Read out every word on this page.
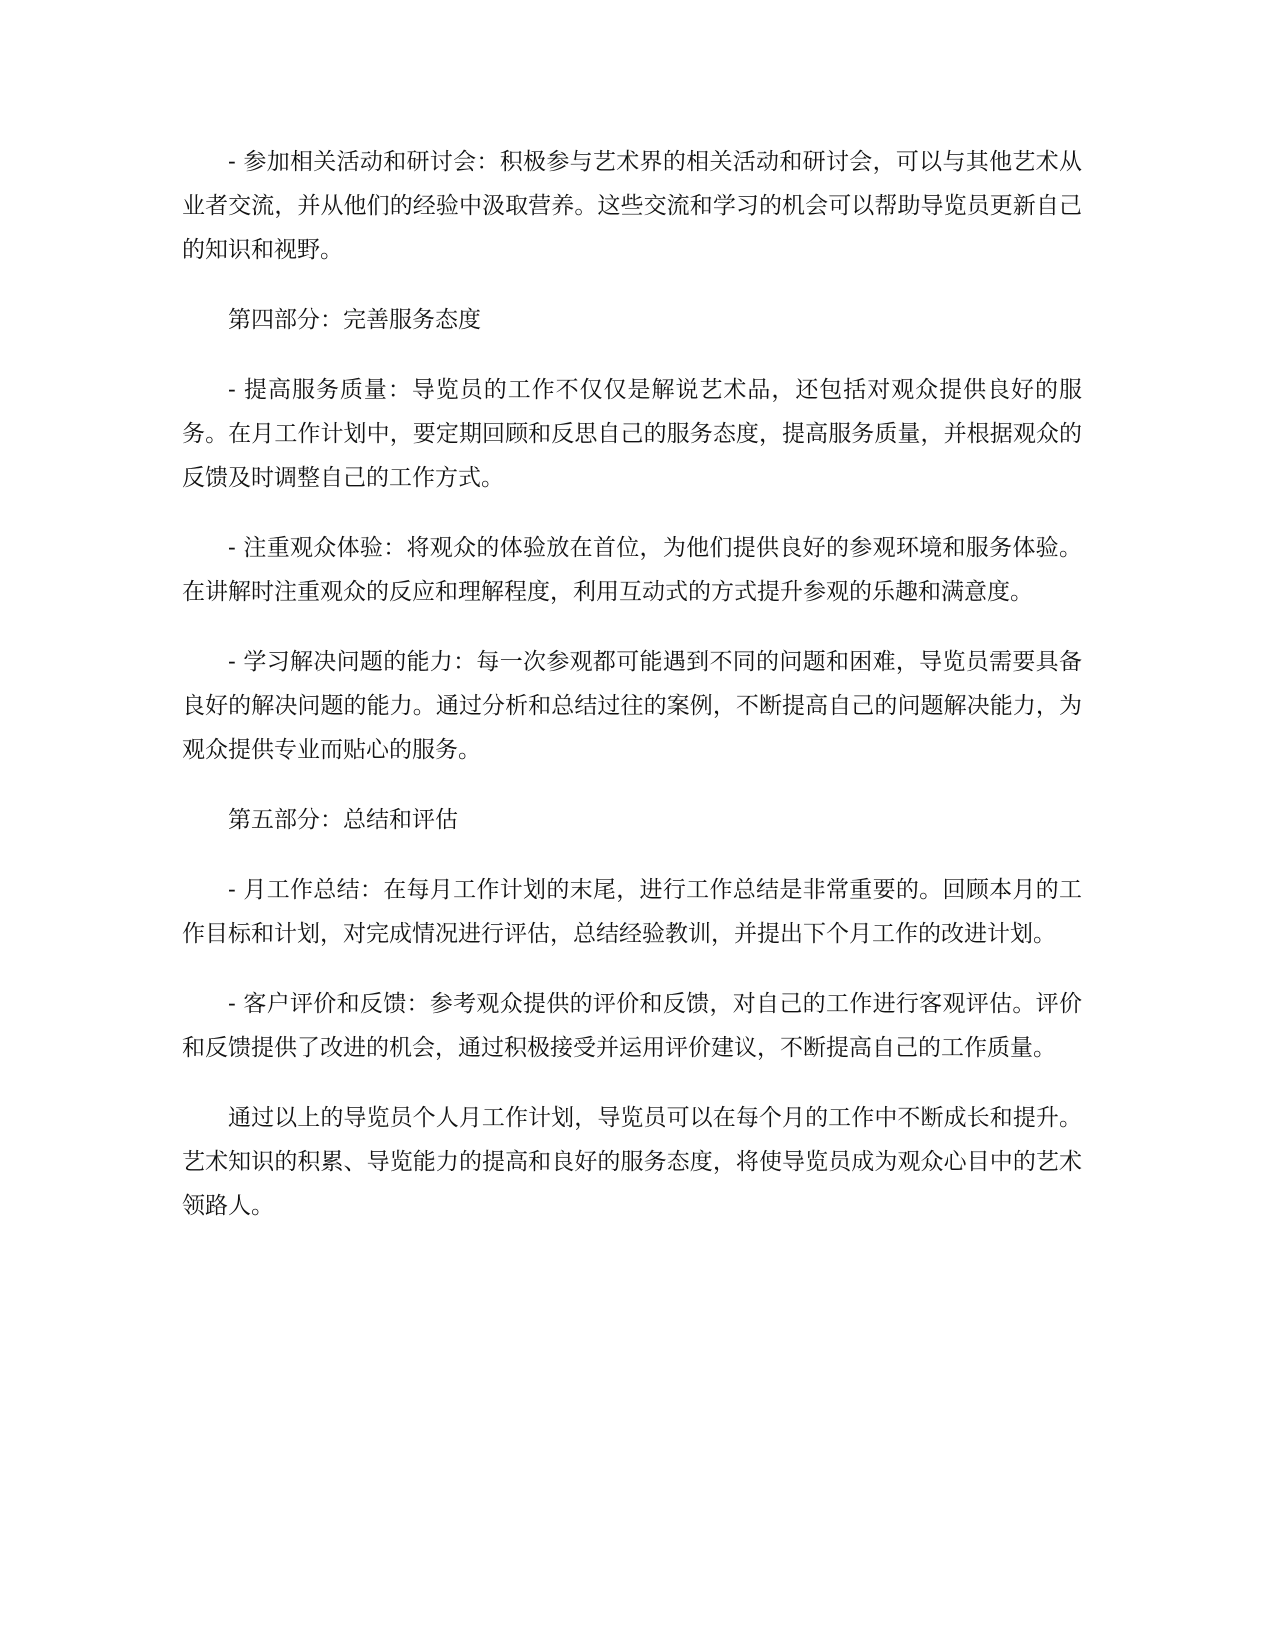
- 参加相关活动和研讨会：积极参与艺术界的相关活动和研讨会，可以与其他艺术从业者交流，并从他们的经验中汲取营养。这些交流和学习的机会可以帮助导览员更新自己的知识和视野。

第四部分：完善服务态度

- 提高服务质量：导览员的工作不仅仅是解说艺术品，还包括对观众提供良好的服务。在月工作计划中，要定期回顾和反思自己的服务态度，提高服务质量，并根据观众的反馈及时调整自己的工作方式。

- 注重观众体验：将观众的体验放在首位，为他们提供良好的参观环境和服务体验。在讲解时注重观众的反应和理解程度，利用互动式的方式提升参观的乐趣和满意度。

- 学习解决问题的能力：每一次参观都可能遇到不同的问题和困难，导览员需要具备良好的解决问题的能力。通过分析和总结过往的案例，不断提高自己的问题解决能力，为观众提供专业而贴心的服务。

第五部分：总结和评估

- 月工作总结：在每月工作计划的末尾，进行工作总结是非常重要的。回顾本月的工作目标和计划，对完成情况进行评估，总结经验教训，并提出下个月工作的改进计划。

- 客户评价和反馈：参考观众提供的评价和反馈，对自己的工作进行客观评估。评价和反馈提供了改进的机会，通过积极接受并运用评价建议，不断提高自己的工作质量。

通过以上的导览员个人月工作计划，导览员可以在每个月的工作中不断成长和提升。艺术知识的积累、导览能力的提高和良好的服务态度，将使导览员成为观众心目中的艺术领路人。
